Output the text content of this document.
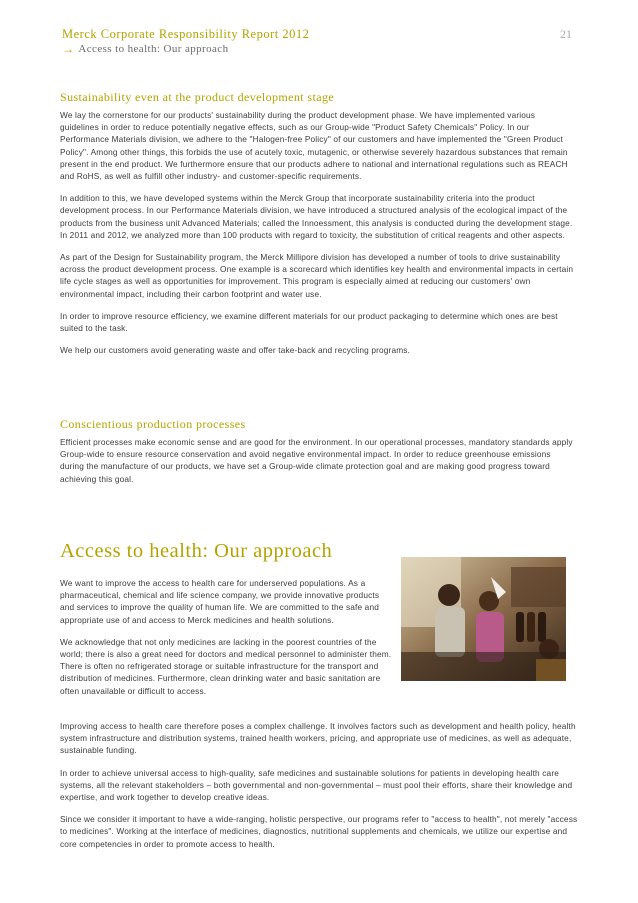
Merck Corporate Responsibility Report 2012	21
→ Access to health: Our approach
Sustainability even at the product development stage

We lay the cornerstone for our products' sustainability during the product development phase. We have implemented various guidelines in order to reduce potentially negative effects, such as our Group-wide "Product Safety Chemicals" Policy. In our Performance Materials division, we adhere to the "Halogen-free Policy" of our customers and have implemented the "Green Product Policy". Among other things, this forbids the use of acutely toxic, mutagenic, or otherwise severely hazardous substances that remain present in the end product. We furthermore ensure that our products adhere to national and international regulations such as REACH and RoHS, as well as fulfill other industry- and customer-specific requirements.

In addition to this, we have developed systems within the Merck Group that incorporate sustainability criteria into the product development process. In our Performance Materials division, we have introduced a structured analysis of the ecological impact of the products from the business unit Advanced Materials; called the Innoessment, this analysis is conducted during the development stage. In 2011 and 2012, we analyzed more than 100 products with regard to toxicity, the substitution of critical reagents and other aspects.

As part of the Design for Sustainability program, the Merck Millipore division has developed a number of tools to drive sustainability across the product development process. One example is a scorecard which identifies key health and environmental impacts in certain life cycle stages as well as opportunities for improvement. This program is especially aimed at reducing our customers' own environmental impact, including their carbon footprint and water use.

In order to improve resource efficiency, we examine different materials for our product packaging to determine which ones are best suited to the task.

We help our customers avoid generating waste and offer take-back and recycling programs.

Conscientious production processes

Efficient processes make economic sense and are good for the environment. In our operational processes, mandatory standards apply Group-wide to ensure resource conservation and avoid negative environmental impact. In order to reduce greenhouse emissions during the manufacture of our products, we have set a Group-wide climate protection goal and are making good progress toward achieving this goal.

Access to health: Our approach

We want to improve the access to health care for underserved populations. As a pharmaceutical, chemical and life science company, we provide innovative products and services to improve the quality of human life. We are committed to the safe and appropriate use of and access to Merck medicines and health solutions.

We acknowledge that not only medicines are lacking in the poorest countries of the world; there is also a great need for doctors and medical personnel to administer them. There is often no refrigerated storage or suitable infrastructure for the transport and distribution of medicines. Furthermore, clean drinking water and basic sanitation are often unavailable or difficult to access.

Improving access to health care therefore poses a complex challenge. It involves factors such as development and health policy, health system infrastructure and distribution systems, trained health workers, pricing, and appropriate use of medicines, as well as adequate, sustainable funding.

In order to achieve universal access to high-quality, safe medicines and sustainable solutions for patients in developing health care systems, all the relevant stakeholders – both governmental and non-governmental – must pool their efforts, share their knowledge and expertise, and work together to develop creative ideas.

Since we consider it important to have a wide-ranging, holistic perspective, our programs refer to "access to health", not merely "access to medicines". Working at the interface of medicines, diagnostics, nutritional supplements and chemicals, we utilize our expertise and core competencies in order to promote access to health.
